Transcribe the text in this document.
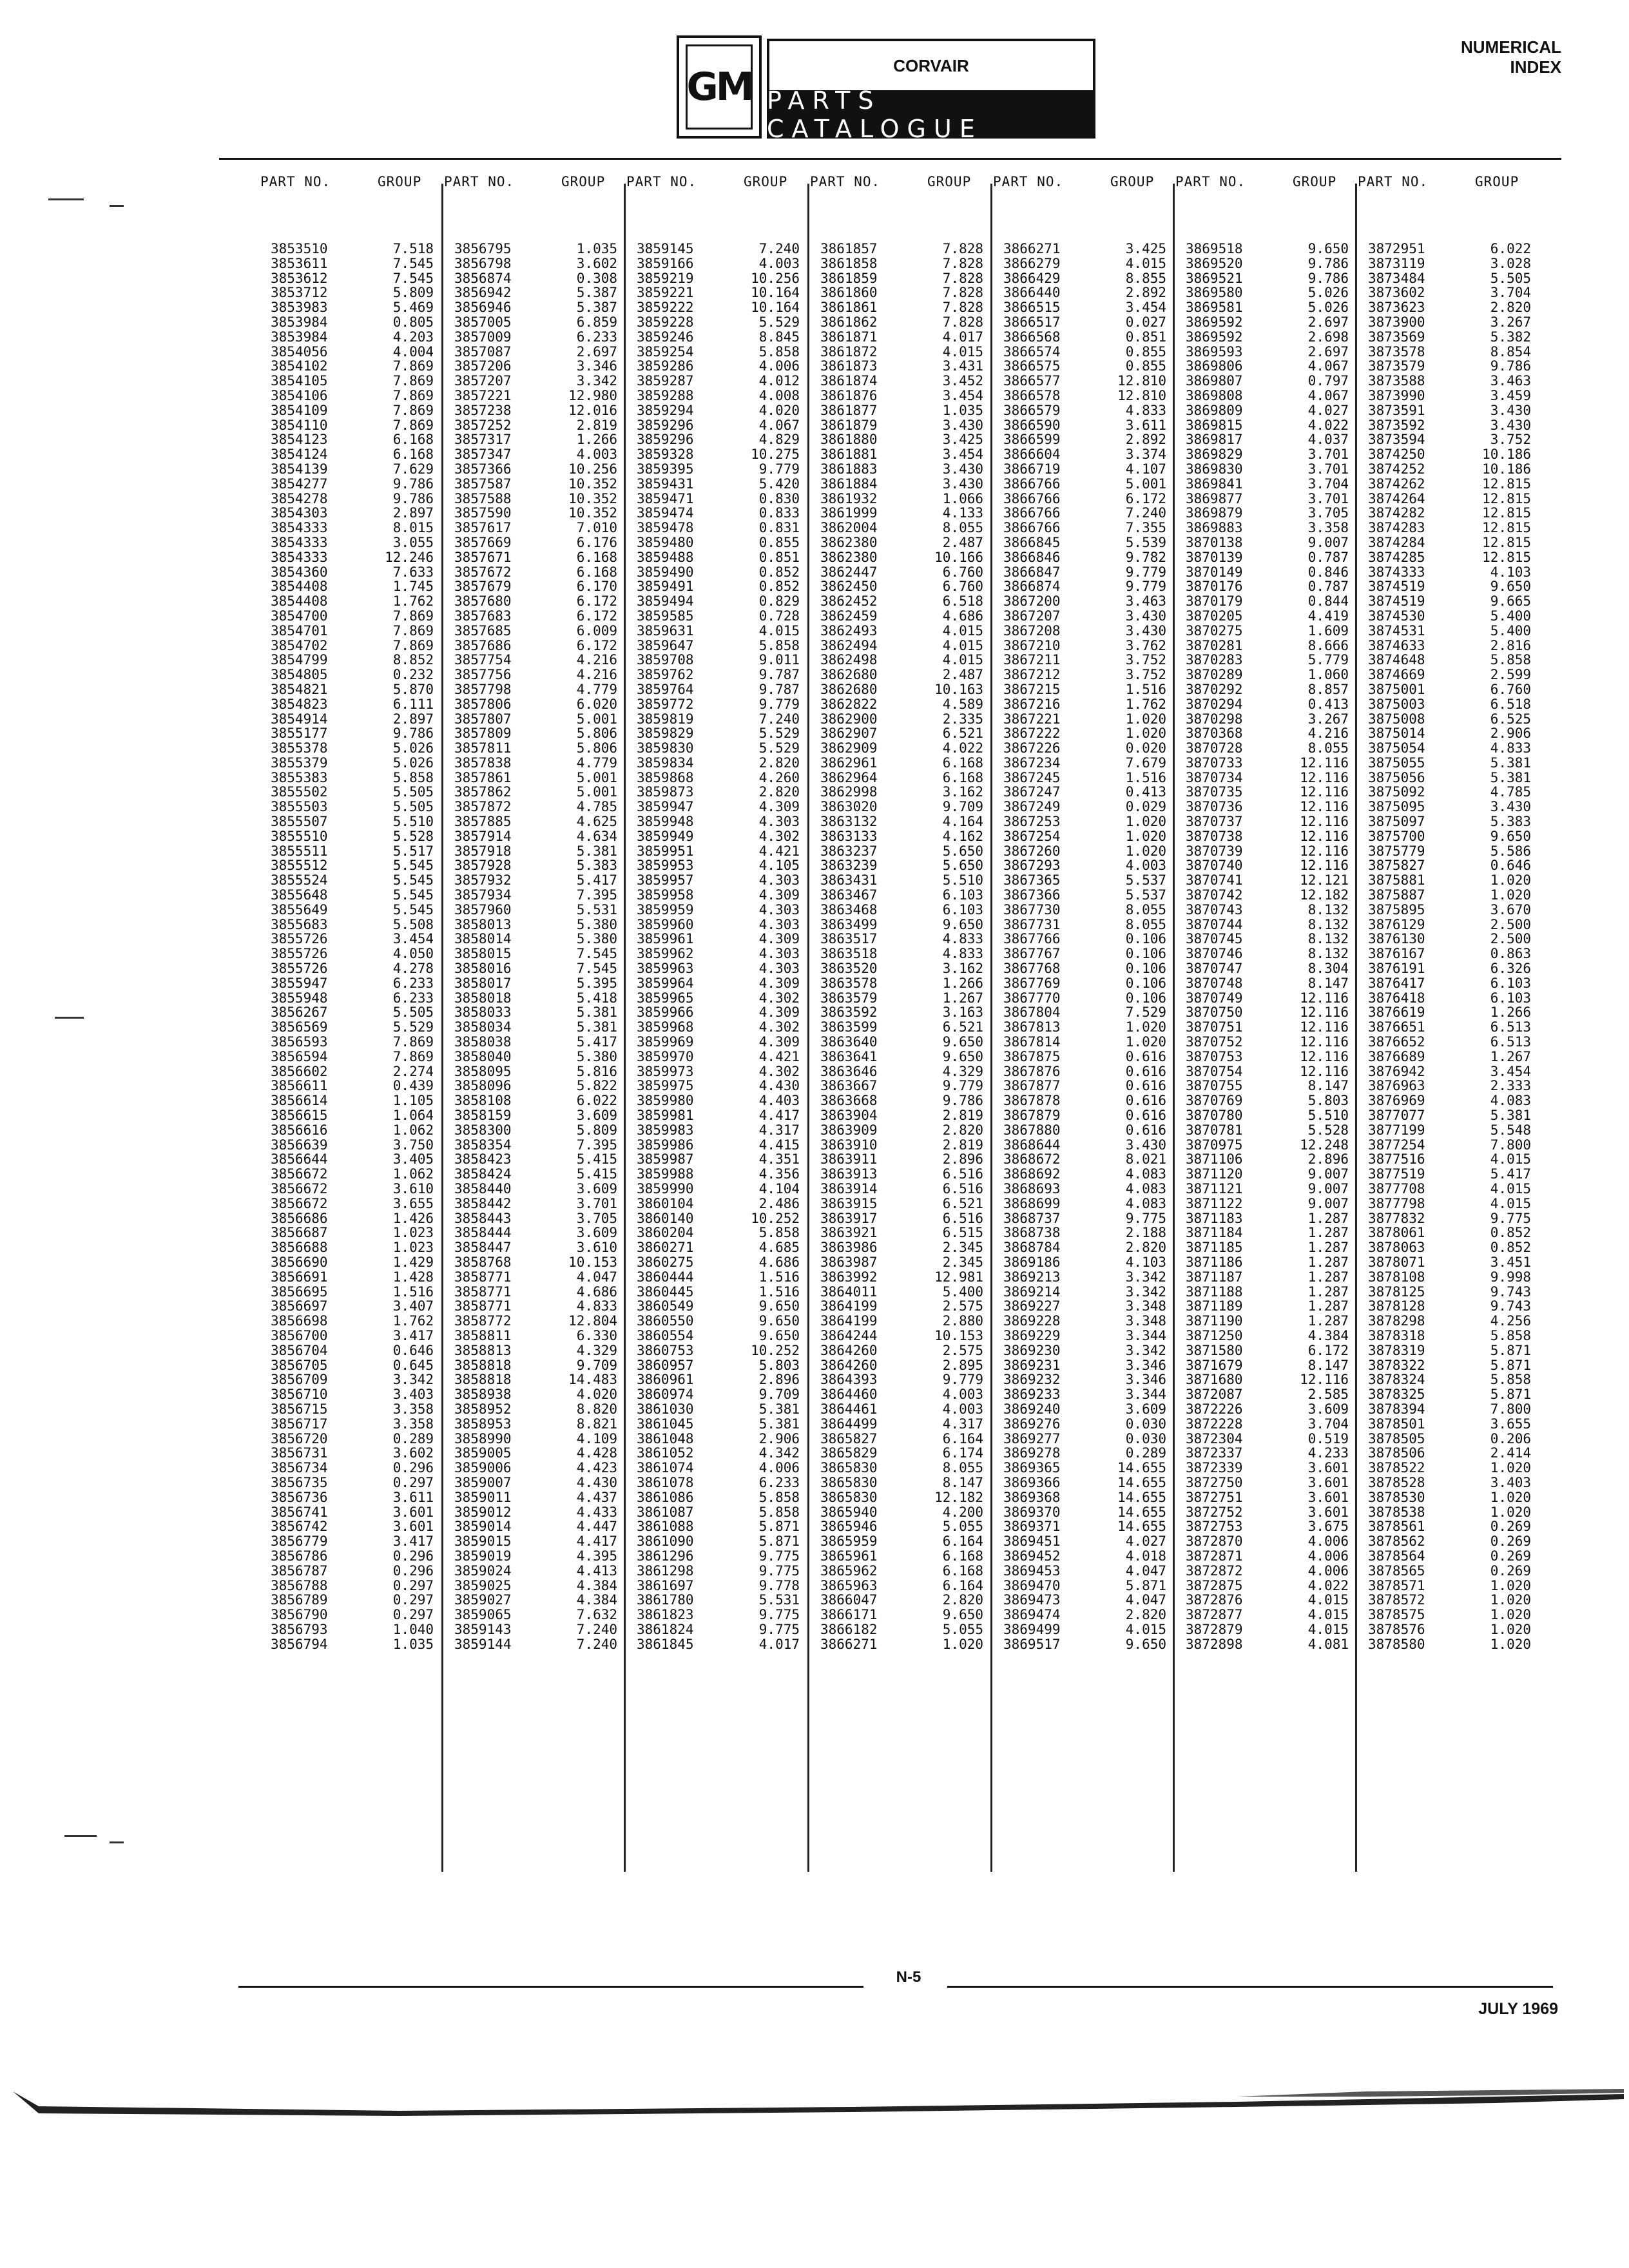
GM	CORVAIR
PARTS CATALOGUE
NUMERICAL
INDEX
PART NO.	GROUP PART NO.	GROUP PART NO.	GROUP PART NO.	GROUP PART NO.	GROUP PART NO.	GROUP PART NO.	GROUP
3853510	7.518
3853611	7.545
3853612	7.545
3853712	5.809
3853983	5.469
3853984	0.805
3853984	4.203
3854056	4.004
3854102	7.869
3854105	7.869
3854106	7.869
3854109	7.869
3854110	7.869
3854123	6.168
3854124	6.168
3854139	7.629
3854277	9.786
3854278	9.786
3854303	2.897
3854333	8.015
3854333	3.055
3854333	12.246
3854360	7.633
3854408	1.745
3854408	1.762
3854700	7.869
3854701	7.869
3854702	7.869
3854799	8.852
3854805	0.232
3854821	5.870
3854823	6.111
3854914	2.897
3855177	9.786
3855378	5.026
3855379	5.026
3855383	5.858
3855502	5.505
3855503	5.505
3855507	5.510
3855510	5.528
3855511	5.517
3855512	5.545
3855524	5.545
3855648	5.545
3855649	5.545
3855683	5.508
3855726	3.454
3855726	4.050
3855726	4.278
3855947	6.233
3855948	6.233
3856267	5.505
3856569	5.529
3856593	7.869
3856594	7.869
3856602	2.274
3856611	0.439
3856614	1.105
3856615	1.064
3856616	1.062
3856639	3.750
3856644	3.405
3856672	1.062
3856672	3.610
3856672	3.655
3856686	1.426
3856687	1.023
3856688	1.023
3856690	1.429
3856691	1.428
3856695	1.516
3856697	3.407
3856698	1.762
3856700	3.417
3856704	0.646
3856705	0.645
3856709	3.342
3856710	3.403
3856715	3.358
3856717	3.358
3856720	0.289
3856731	3.602
3856734	0.296
3856735	0.297
3856736	3.611
3856741	3.601
3856742	3.601
3856779	3.417
3856786	0.296
3856787	0.296
3856788	0.297
3856789	0.297
3856790	0.297
3856793	1.040
3856794	1.035
3856795	1.035
3856798	3.602
3856874	0.308
3856942	5.387
3856946	5.387
3857005	6.859
3857009	6.233
3857087	2.697
3857206	3.346
3857207	3.342
3857221	12.980
3857238	12.016
3857252	2.819
3857317	1.266
3857347	4.003
3857366	10.256
3857587	10.352
3857588	10.352
3857590	10.352
3857617	7.010
3857669	6.176
3857671	6.168
3857672	6.168
3857679	6.170
3857680	6.172
3857683	6.172
3857685	6.009
3857686	6.172
3857754	4.216
3857756	4.216
3857798	4.779
3857806	6.020
3857807	5.001
3857809	5.806
3857811	5.806
3857838	4.779
3857861	5.001
3857862	5.001
3857872	4.785
3857885	4.625
3857914	4.634
3857918	5.381
3857928	5.383
3857932	5.417
3857934	7.395
3857960	5.531
3858013	5.380
3858014	5.380
3858015	7.545
3858016	7.545
3858017	5.395
3858018	5.418
3858033	5.381
3858034	5.381
3858038	5.417
3858040	5.380
3858095	5.816
3858096	5.822
3858108	6.022
3858159	3.609
3858300	5.809
3858354	7.395
3858423	5.415
3858424	5.415
3858440	3.609
3858442	3.701
3858443	3.705
3858444	3.609
3858447	3.610
3858768	10.153
3858771	4.047
3858771	4.686
3858771	4.833
3858772	12.804
3858811	6.330
3858813	4.329
3858818	9.709
3858818	14.483
3858938	4.020
3858952	8.820
3858953	8.821
3858990	4.109
3859005	4.428
3859006	4.423
3859007	4.430
3859011	4.437
3859012	4.433
3859014	4.447
3859015	4.417
3859019	4.395
3859024	4.413
3859025	4.384
3859027	4.384
3859065	7.632
3859143	7.240
3859144	7.240
3859145	7.240
3859166	4.003
3859219	10.256
3859221	10.164
3859222	10.164
3859228	5.529
3859246	8.845
3859254	5.858
3859286	4.006
3859287	4.012
3859288	4.008
3859294	4.020
3859296	4.067
3859296	4.829
3859328	10.275
3859395	9.779
3859431	5.420
3859471	0.830
3859474	0.833
3859478	0.831
3859480	0.855
3859488	0.851
3859490	0.852
3859491	0.852
3859494	0.829
3859585	0.728
3859631	4.015
3859647	5.858
3859708	9.011
3859762	9.787
3859764	9.787
3859772	9.779
3859819	7.240
3859829	5.529
3859830	5.529
3859834	2.820
3859868	4.260
3859873	2.820
3859947	4.309
3859948	4.303
3859949	4.302
3859951	4.421
3859953	4.105
3859957	4.303
3859958	4.309
3859959	4.303
3859960	4.303
3859961	4.309
3859962	4.303
3859963	4.303
3859964	4.309
3859965	4.302
3859966	4.309
3859968	4.302
3859969	4.309
3859970	4.421
3859973	4.302
3859975	4.430
3859980	4.403
3859981	4.417
3859983	4.317
3859986	4.415
3859987	4.351
3859988	4.356
3859990	4.104
3860104	2.486
3860140	10.252
3860204	5.858
3860271	4.685
3860275	4.686
3860444	1.516
3860445	1.516
3860549	9.650
3860550	9.650
3860554	9.650
3860753	10.252
3860957	5.803
3860961	2.896
3860974	9.709
3861030	5.381
3861045	5.381
3861048	2.906
3861052	4.342
3861074	4.006
3861078	6.233
3861086	5.858
3861087	5.858
3861088	5.871
3861090	5.871
3861296	9.775
3861298	9.775
3861697	9.778
3861780	5.531
3861823	9.775
3861824	9.775
3861845	4.017
3861857	7.828
3861858	7.828
3861859	7.828
3861860	7.828
3861861	7.828
3861862	7.828
3861871	4.017
3861872	4.015
3861873	3.431
3861874	3.452
3861876	3.454
3861877	1.035
3861879	3.430
3861880	3.425
3861881	3.454
3861883	3.430
3861884	3.430
3861932	1.066
3861999	4.133
3862004	8.055
3862380	2.487
3862380	10.166
3862447	6.760
3862450	6.760
3862452	6.518
3862459	4.686
3862493	4.015
3862494	4.015
3862498	4.015
3862680	2.487
3862680	10.163
3862822	4.589
3862900	2.335
3862907	6.521
3862909	4.022
3862961	6.168
3862964	6.168
3862998	3.162
3863020	9.709
3863132	4.164
3863133	4.162
3863237	5.650
3863239	5.650
3863431	5.510
3863467	6.103
3863468	6.103
3863499	9.650
3863517	4.833
3863518	4.833
3863520	3.162
3863578	1.266
3863579	1.267
3863592	3.163
3863599	6.521
3863640	9.650
3863641	9.650
3863646	4.329
3863667	9.779
3863668	9.786
3863904	2.819
3863909	2.820
3863910	2.819
3863911	2.896
3863913	6.516
3863914	6.516
3863915	6.521
3863917	6.516
3863921	6.515
3863986	2.345
3863987	2.345
3863992	12.981
3864011	5.400
3864199	2.575
3864199	2.880
3864244	10.153
3864260	2.575
3864260	2.895
3864393	9.779
3864460	4.003
3864461	4.003
3864499	4.317
3865827	6.164
3865829	6.174
3865830	8.055
3865830	8.147
3865830	12.182
3865940	4.200
3865946	5.055
3865959	6.164
3865961	6.168
3865962	6.168
3865963	6.164
3866047	2.820
3866171	9.650
3866182	5.055
3866271	1.020
3866271	3.425
3866279	4.015
3866429	8.855
3866440	2.892
3866515	3.454
3866517	0.027
3866568	0.851
3866574	0.855
3866575	0.855
3866577	12.810
3866578	12.810
3866579	4.833
3866590	3.611
3866599	2.892
3866604	3.374
3866719	4.107
3866766	5.001
3866766	6.172
3866766	7.240
3866766	7.355
3866845	5.539
3866846	9.782
3866847	9.779
3866874	9.779
3867200	3.463
3867207	3.430
3867208	3.430
3867210	3.762
3867211	3.752
3867212	3.752
3867215	1.516
3867216	1.762
3867221	1.020
3867222	1.020
3867226	0.020
3867234	7.679
3867245	1.516
3867247	0.413
3867249	0.029
3867253	1.020
3867254	1.020
3867260	1.020
3867293	4.003
3867365	5.537
3867366	5.537
3867730	8.055
3867731	8.055
3867766	0.106
3867767	0.106
3867768	0.106
3867769	0.106
3867770	0.106
3867804	7.529
3867813	1.020
3867814	1.020
3867875	0.616
3867876	0.616
3867877	0.616
3867878	0.616
3867879	0.616
3867880	0.616
3868644	3.430
3868672	8.021
3868692	4.083
3868693	4.083
3868699	4.083
3868737	9.775
3868738	2.188
3868784	2.820
3869186	4.103
3869213	3.342
3869214	3.342
3869227	3.348
3869228	3.348
3869229	3.344
3869230	3.342
3869231	3.346
3869232	3.346
3869233	3.344
3869240	3.609
3869276	0.030
3869277	0.030
3869278	0.289
3869365	14.655
3869366	14.655
3869368	14.655
3869370	14.655
3869371	14.655
3869451	4.027
3869452	4.018
3869453	4.047
3869470	5.871
3869473	4.047
3869474	2.820
3869499	4.015
3869517	9.650
3869518	9.650
3869520	9.786
3869521	9.786
3869580	5.026
3869581	5.026
3869592	2.697
3869592	2.698
3869593	2.697
3869806	4.067
3869807	0.797
3869808	4.067
3869809	4.027
3869815	4.022
3869817	4.037
3869829	3.701
3869830	3.701
3869841	3.704
3869877	3.701
3869879	3.705
3869883	3.358
3870138	9.007
3870139	0.787
3870149	0.846
3870176	0.787
3870179	0.844
3870205	4.419
3870275	1.609
3870281	8.666
3870283	5.779
3870289	1.060
3870292	8.857
3870294	0.413
3870298	3.267
3870368	4.216
3870728	8.055
3870733	12.116
3870734	12.116
3870735	12.116
3870736	12.116
3870737	12.116
3870738	12.116
3870739	12.116
3870740	12.116
3870741	12.121
3870742	12.182
3870743	8.132
3870744	8.132
3870745	8.132
3870746	8.132
3870747	8.304
3870748	8.147
3870749	12.116
3870750	12.116
3870751	12.116
3870752	12.116
3870753	12.116
3870754	12.116
3870755	8.147
3870769	5.803
3870780	5.510
3870781	5.528
3870975	12.248
3871106	2.896
3871120	9.007
3871121	9.007
3871122	9.007
3871183	1.287
3871184	1.287
3871185	1.287
3871186	1.287
3871187	1.287
3871188	1.287
3871189	1.287
3871190	1.287
3871250	4.384
3871580	6.172
3871679	8.147
3871680	12.116
3872087	2.585
3872226	3.609
3872228	3.704
3872304	0.519
3872337	4.233
3872339	3.601
3872750	3.601
3872751	3.601
3872752	3.601
3872753	3.675
3872870	4.006
3872871	4.006
3872872	4.006
3872875	4.022
3872876	4.015
3872877	4.015
3872879	4.015
3872898	4.081
3872951	6.022
3873119	3.028
3873484	5.505
3873602	3.704
3873623	2.820
3873900	3.267
3873569	5.382
3873578	8.854
3873579	9.786
3873588	3.463
3873990	3.459
3873591	3.430
3873592	3.430
3873594	3.752
3874250	10.186
3874252	10.186
3874262	12.815
3874264	12.815
3874282	12.815
3874283	12.815
3874284	12.815
3874285	12.815
3874333	4.103
3874519	9.650
3874519	9.665
3874530	5.400
3874531	5.400
3874633	2.816
3874648	5.858
3874669	2.599
3875001	6.760
3875003	6.518
3875008	6.525
3875014	2.906
3875054	4.833
3875055	5.381
3875056	5.381
3875092	4.785
3875095	3.430
3875097	5.383
3875700	9.650
3875779	5.586
3875827	0.646
3875881	1.020
3875887	1.020
3875895	3.670
3876129	2.500
3876130	2.500
3876167	0.863
3876191	6.326
3876417	6.103
3876418	6.103
3876619	1.266
3876651	6.513
3876652	6.513
3876689	1.267
3876942	3.454
3876963	2.333
3876969	4.083
3877077	5.381
3877199	5.548
3877254	7.800
3877516	4.015
3877519	5.417
3877708	4.015
3877798	4.015
3877832	9.775
3878061	0.852
3878063	0.852
3878071	3.451
3878108	9.998
3878125	9.743
3878128	9.743
3878298	4.256
3878318	5.858
3878319	5.871
3878322	5.871
3878324	5.858
3878325	5.871
3878394	7.800
3878501	3.655
3878505	0.206
3878506	2.414
3878522	1.020
3878528	3.403
3878530	1.020
3878538	1.020
3878561	0.269
3878562	0.269
3878564	0.269
3878565	0.269
3878571	1.020
3878572	1.020
3878575	1.020
3878576	1.020
3878580	1.020
N-5
JULY 1969
